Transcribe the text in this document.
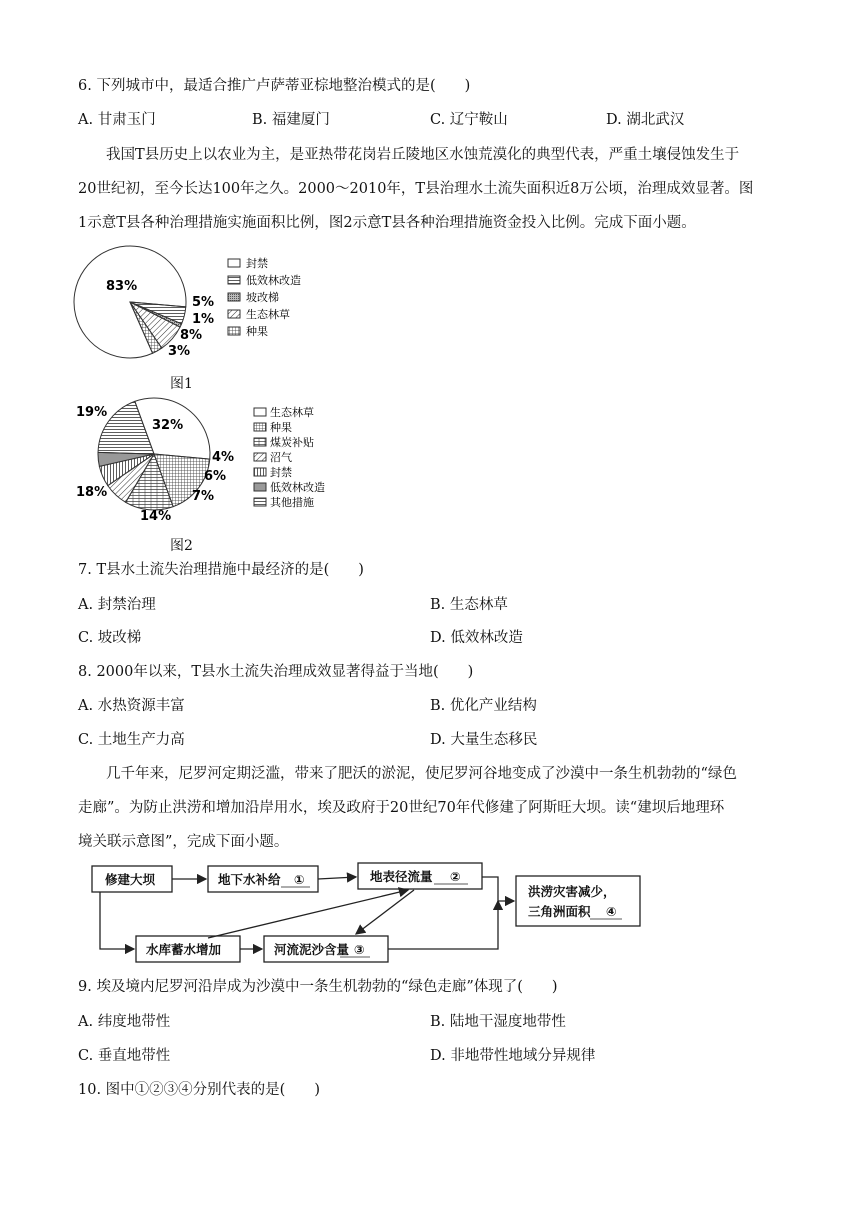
6. 下列城市中，最适合推广卢萨蒂亚棕地整治模式的是(　　)
A. 甘肃玉门	B. 福建厦门	C. 辽宁鞍山	D. 湖北武汉
我国T县历史上以农业为主，是亚热带花岗岩丘陵地区水蚀荒漠化的典型代表，严重土壤侵蚀发生于
20世纪初，至今长达100年之久。2000～2010年，T县治理水土流失面积近8万公顷，治理成效显著。图
1示意T县各种治理措施实施面积比例，图2示意T县各种治理措施资金投入比例。完成下面小题。
83%
5%
1%
8%
3%
封禁
低效林改造
坡改梯
生态林草
种果
图1
32%
19%
18%
14%
7%
6%
4%
生态林草
种果
煤炭补贴
沼气
封禁
低效林改造
其他措施
图2
7. T县水土流失治理措施中最经济的是(　　)
A. 封禁治理	B. 生态林草
C. 坡改梯	D. 低效林改造
8. 2000年以来，T县水土流失治理成效显著得益于当地(　　)
A. 水热资源丰富	B. 优化产业结构
C. 土地生产力高	D. 大量生态移民
几千年来，尼罗河定期泛滥，带来了肥沃的淤泥，使尼罗河谷地变成了沙漠中一条生机勃勃的“绿色
走廊”。为防止洪涝和增加沿岸用水，埃及政府于20世纪70年代修建了阿斯旺大坝。读“建坝后地理环
境关联示意图”，完成下面小题。
修建大坝	地下水补给 ①	地表径流量 ②
洪涝灾害减少，
三角洲面积 ④
水库蓄水增加	河流泥沙含量 ③
9. 埃及境内尼罗河沿岸成为沙漠中一条生机勃勃的“绿色走廊”体现了(　　)
A. 纬度地带性	B. 陆地干湿度地带性
C. 垂直地带性	D. 非地带性地域分异规律
10. 图中①②③④分别代表的是(　　)
